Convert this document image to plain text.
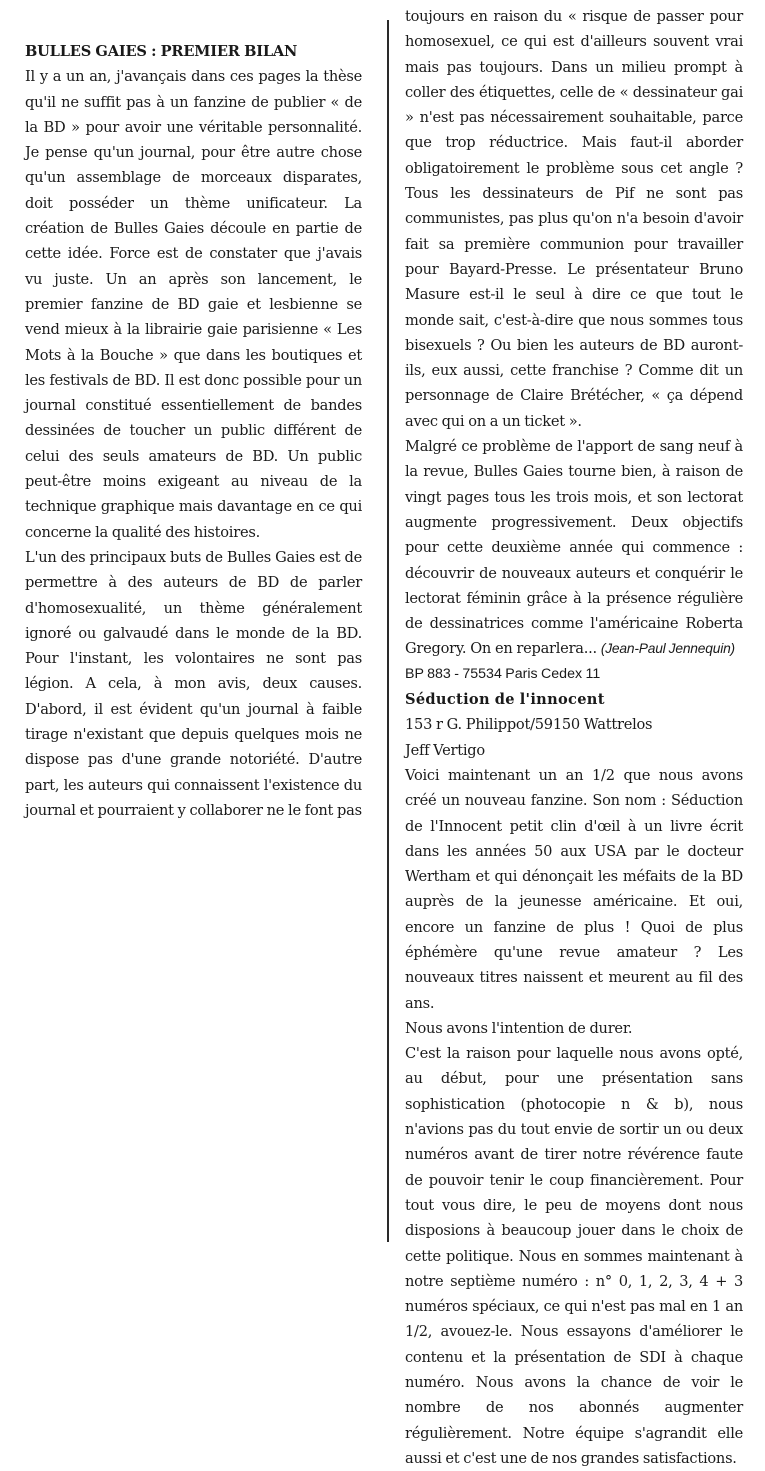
BULLES GAIES : PREMIER BILAN

Il y a un an, j'avançais dans ces pages la thèse qu'il ne suffit pas à un fanzine de publier « de la BD » pour avoir une véritable personnalité. Je pense qu'un journal, pour être autre chose qu'un assemblage de morceaux disparates, doit posséder un thème unificateur. La création de Bulles Gaies découle en partie de cette idée. Force est de constater que j'avais vu juste. Un an après son lancement, le premier fanzine de BD gaie et lesbienne se vend mieux à la librairie gaie parisienne « Les Mots à la Bouche » que dans les boutiques et les festivals de BD. Il est donc possible pour un journal constitué essentiellement de bandes dessinées de toucher un public différent de celui des seuls amateurs de BD. Un public peut-être moins exigeant au niveau de la technique graphique mais davantage en ce qui concerne la qualité des histoires.

L'un des principaux buts de Bulles Gaies est de permettre à des auteurs de BD de parler d'homosexualité, un thème généralement ignoré ou galvaudé dans le monde de la BD. Pour l'instant, les volontaires ne sont pas légion. A cela, à mon avis, deux causes. D'abord, il est évident qu'un journal à faible tirage n'existant que depuis quelques mois ne dispose pas d'une grande notoriété. D'autre part, les auteurs qui connaissent l'existence du journal et pourraient y collaborer ne le font pas

toujours en raison du « risque de passer pour homosexuel, ce qui est d'ailleurs souvent vrai mais pas toujours. Dans un milieu prompt à coller des étiquettes, celle de « dessinateur gai » n'est pas nécessairement souhaitable, parce que trop réductrice. Mais faut-il aborder obligatoirement le problème sous cet angle ? Tous les dessinateurs de Pif ne sont pas communistes, pas plus qu'on n'a besoin d'avoir fait sa première communion pour travailler pour Bayard-Presse. Le présentateur Bruno Masure est-il le seul à dire ce que tout le monde sait, c'est-à-dire que nous sommes tous bisexuels ? Ou bien les auteurs de BD auront-ils, eux aussi, cette franchise ? Comme dit un personnage de Claire Brétécher, « ça dépend avec qui on a un ticket ».

Malgré ce problème de l'apport de sang neuf à la revue, Bulles Gaies tourne bien, à raison de vingt pages tous les trois mois, et son lectorat augmente progressivement. Deux objectifs pour cette deuxième année qui commence : découvrir de nouveaux auteurs et conquérir le lectorat féminin grâce à la présence régulière de dessinatrices comme l'américaine Roberta Gregory. On en reparlera... (Jean-Paul Jennequin)

BP 883 - 75534 Paris Cedex 11
Séduction de l'innocent
153 r G. Philippot/59150 Wattrelos
Jeff Vertigo

Voici maintenant un an 1/2 que nous avons créé un nouveau fanzine. Son nom : Séduction de l'Innocent petit clin d'œil à un livre écrit dans les années 50 aux USA par le docteur Wertham et qui dénonçait les méfaits de la BD auprès de la jeunesse américaine. Et oui, encore un fanzine de plus ! Quoi de plus éphémère qu'une revue amateur ? Les nouveaux titres naissent et meurent au fil des ans.

Nous avons l'intention de durer.

C'est la raison pour laquelle nous avons opté, au début, pour une présentation sans sophistication (photocopie n & b), nous n'avions pas du tout envie de sortir un ou deux numéros avant de tirer notre révérence faute de pouvoir tenir le coup financièrement. Pour tout vous dire, le peu de moyens dont nous disposions à beaucoup jouer dans le choix de cette politique. Nous en sommes maintenant à notre septième numéro : n° 0, 1, 2, 3, 4 + 3 numéros spéciaux, ce qui n'est pas mal en 1 an 1/2, avouez-le. Nous essayons d'améliorer le contenu et la présentation de SDI à chaque numéro. Nous avons la chance de voir le nombre de nos abonnés augmenter régulièrement. Notre équipe s'agrandit elle aussi et c'est une de nos grandes satisfactions.
